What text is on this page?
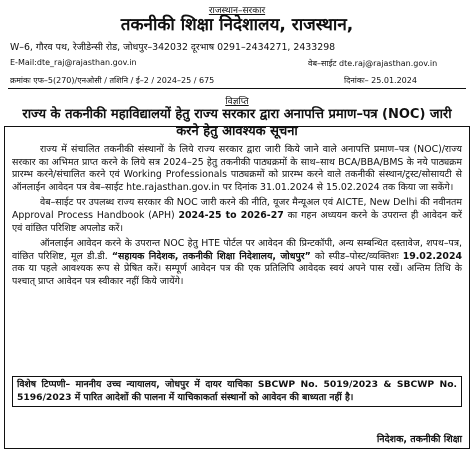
राजस्थान–सरकार
तकनीकी शिक्षा निदेशालय, राजस्थान,
W–6, गौरव पथ, रेजीडेन्सी रोड, जोधपुर–342032 दूरभाष 0291–2434271, 2433298
E-Mail:dte_raj@rajasthan.gov.in	वेब–साईट dte.raj@rajasthan.gov.in
क्रमांकः एफ–5(270)/एनओसी / तशिनि / ई–2 / 2024–25 / 675	दिनांकः– 25.01.2024
विज्ञप्ति
राज्य के तकनीकी महाविद्यालयों हेतु राज्य सरकार द्वारा अनापत्ति प्रमाण–पत्र (NOC) जारी करने हेतु आवश्यक सूचना

राज्य में संचालित तकनीकी संस्थानों के लिये राज्य सरकार द्वारा जारी किये जाने वाले अनापत्ति प्रमाण–पत्र (NOC)/राज्य सरकार का अभिमत प्राप्त करने के लिये सत्र 2024–25 हेतु तकनीकी पाठ्यक्रमों के साथ–साथ BCA/BBA/BMS के नये पाठ्यक्रम प्रारम्भ करने/संचालित करने एवं Working Professionals पाठ्यक्रमों को प्रारम्भ करने वाले तकनीकी संस्थान/ट्रस्ट/सोसायटी से ऑनलाईन आवेदन पत्र वेब–साईट hte.rajasthan.gov.in पर दिनांक 31.01.2024 से 15.02.2024 तक किया जा सकेंगे।

वेब–साईट पर उपलब्ध राज्य सरकार की NOC जारी करने की नीति, यूजर मैन्यूअल एवं AICTE, New Delhi की नवीनतम Approval Process Handbook (APH) 2024-25 to 2026-27 का गहन अध्ययन करने के उपरान्त ही आवेदन करें एवं वांछित परिशिष्ट अपलोड करें।

ऑनलाईन आवेदन करने के उपरान्त NOC हेतु HTE पोर्टल पर आवेदन की प्रिन्टकॉपी, अन्य सम्बन्धित दस्तावेज, शपथ–पत्र, वांछित परिशिष्ट, मूल डी.डी. “सहायक निदेशक, तकनीकी शिक्षा निदेशालय, जोधपुर” को स्पीड–पोस्ट/व्यक्तिशः 19.02.2024 तक या पहले आवश्यक रूप से प्रेषित करें। सम्पूर्ण आवेदन पत्र की एक प्रतिलिपि आवेदक स्वयं अपने पास रखें। अन्तिम तिथि के पश्चात् प्राप्त आवेदन पत्र स्वीकार नहीं किये जायेंगे।

विशेष टिप्पणी– माननीय उच्च न्यायालय, जोधपुर में दायर याचिका SBCWP No. 5019/2023 & SBCWP No. 5196/2023 में पारित आदेशों की पालना में याचिकाकर्ता संस्थानों को आवेदन की बाध्यता नहीं है।
निदेशक, तकनीकी शिक्षा
